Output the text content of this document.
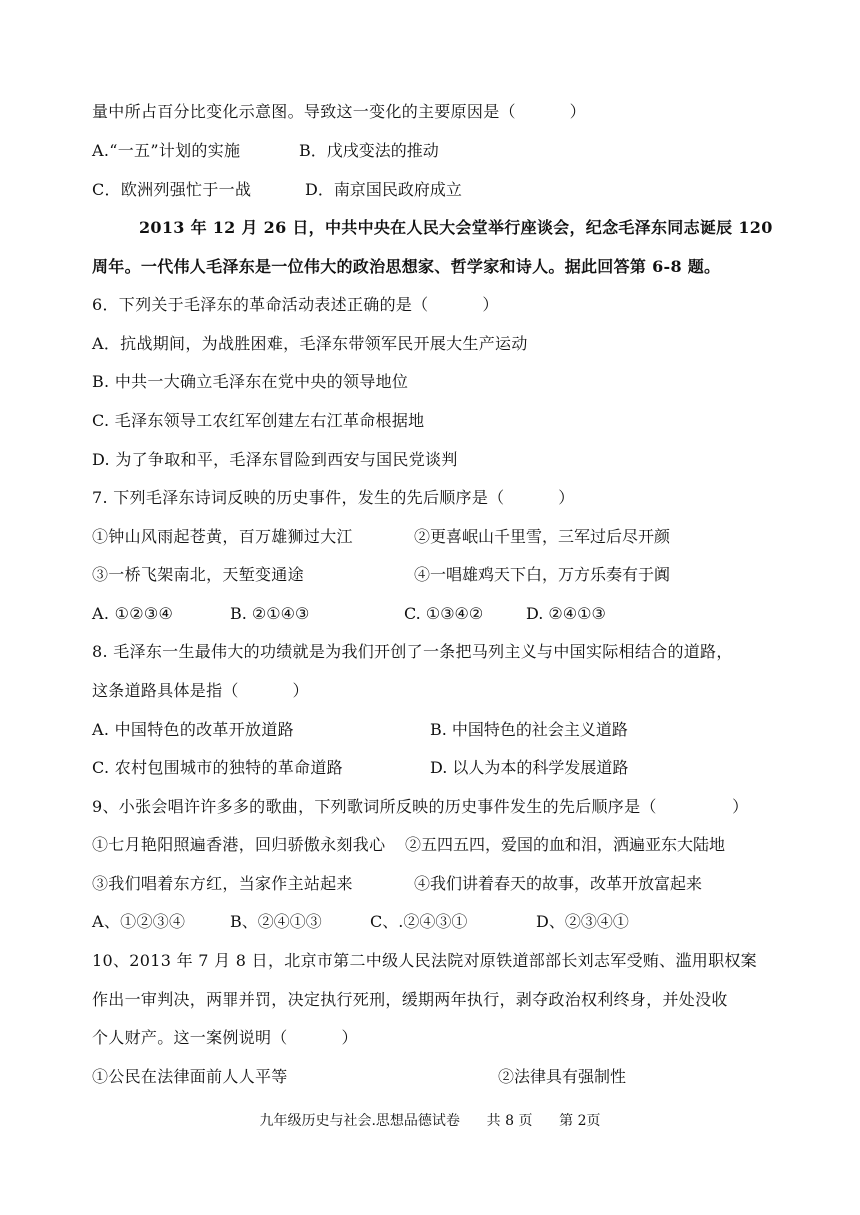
量中所占百分比变化示意图。导致这一变化的主要原因是（          ）
A.“一五”计划的实施	B．戊戌变法的推动
C．欧洲列强忙于一战	D．南京国民政府成立
2013 年 12 月 26 日，中共中央在人民大会堂举行座谈会，纪念毛泽东同志诞辰 120
周年。一代伟人毛泽东是一位伟大的政治思想家、哲学家和诗人。据此回答第 6-8 题。
6．下列关于毛泽东的革命活动表述正确的是（          ）
A．抗战期间，为战胜困难，毛泽东带领军民开展大生产运动
B. 中共一大确立毛泽东在党中央的领导地位
C. 毛泽东领导工农红军创建左右江革命根据地
D. 为了争取和平，毛泽东冒险到西安与国民党谈判
7. 下列毛泽东诗词反映的历史事件，发生的先后顺序是（          ）
①钟山风雨起苍黄，百万雄狮过大江	②更喜岷山千里雪，三军过后尽开颜
③一桥飞架南北，天堑变通途	④一唱雄鸡天下白，万方乐奏有于阗
A. ①②③④	B. ②①④③	C. ①③④②	D. ②④①③
8. 毛泽东一生最伟大的功绩就是为我们开创了一条把马列主义与中国实际相结合的道路，
这条道路具体是指（          ）
A. 中国特色的改革开放道路	B. 中国特色的社会主义道路
C. 农村包围城市的独特的革命道路	D. 以人为本的科学发展道路
9、小张会唱许许多多的歌曲，下列歌词所反映的历史事件发生的先后顺序是（              ）
①七月艳阳照遍香港，回归骄傲永刻我心 ②五四五四，爱国的血和泪，洒遍亚东大陆地
③我们唱着东方红，当家作主站起来	④我们讲着春天的故事，改革开放富起来
A、①②③④	B、②④①③	C、.②④③①	D、②③④①
10、2013 年 7 月 8 日，北京市第二中级人民法院对原铁道部部长刘志军受贿、滥用职权案
作出一审判决，两罪并罚，决定执行死刑，缓期两年执行，剥夺政治权利终身，并处没收
个人财产。这一案例说明（          ）
①公民在法律面前人人平等	②法律具有强制性
九年级历史与社会.思想品德试卷      共 8 页      第 2页
